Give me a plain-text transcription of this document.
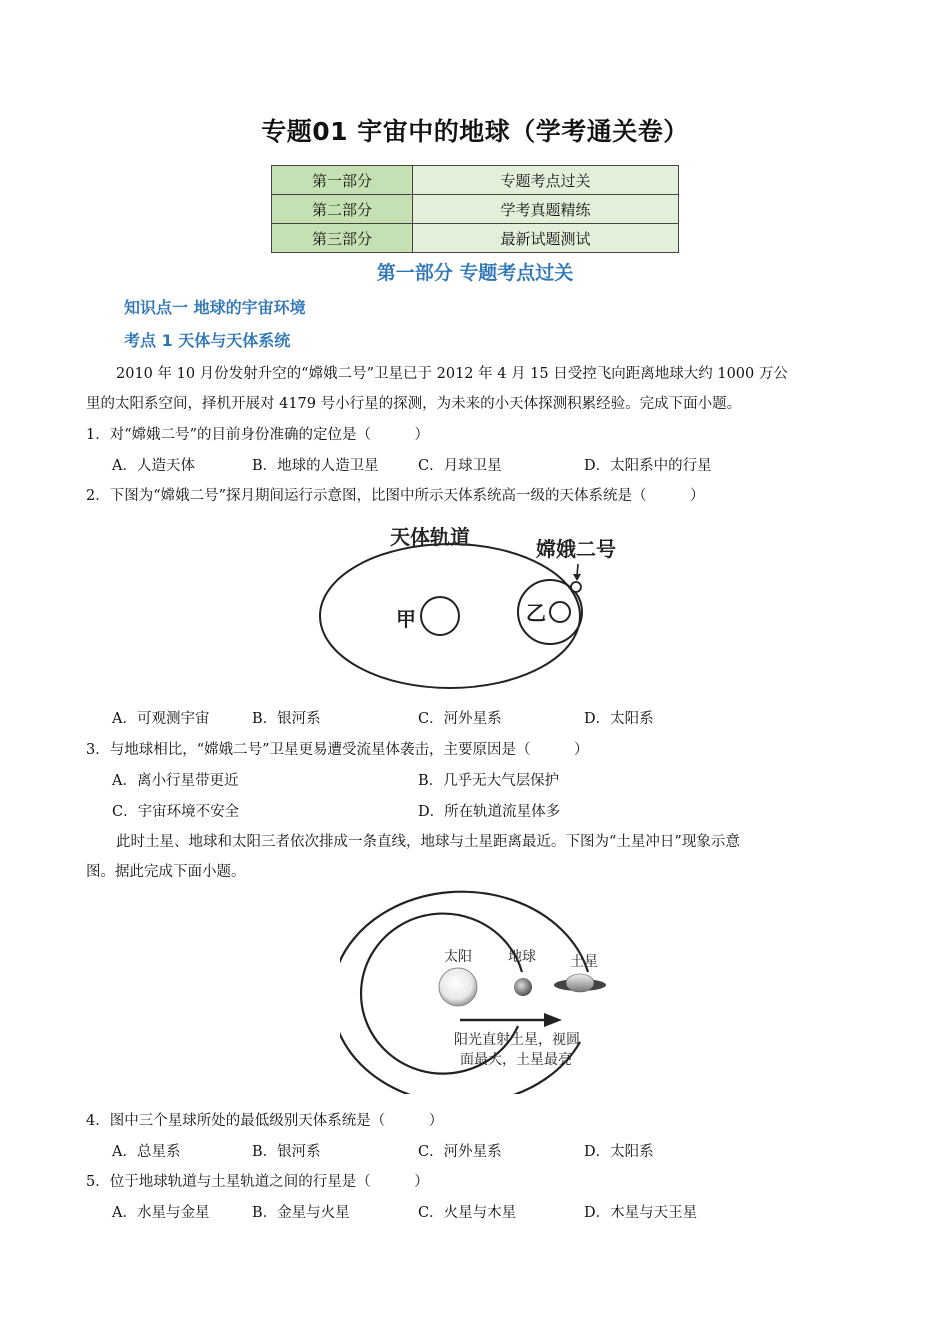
专题01 宇宙中的地球（学考通关卷）
第一部分	专题考点过关
第二部分	学考真题精练
第三部分	最新试题测试
第一部分 专题考点过关
知识点一 地球的宇宙环境
考点 1 天体与天体系统
2010 年 10 月份发射升空的“嫦娥二号”卫星已于 2012 年 4 月 15 日受控飞向距离地球大约 1000 万公
里的太阳系空间，择机开展对 4179 号小行星的探测，为未来的小天体探测积累经验。完成下面小题。
1．对“嫦娥二号”的目前身份准确的定位是（　　　）
A．人造天体	B．地球的人造卫星	C．月球卫星	D．太阳系中的行星
2．下图为“嫦娥二号”探月期间运行示意图，比图中所示天体系统高一级的天体系统是（　　　）
天体轨道	嫦娥二号
甲	乙
A．可观测宇宙	B．银河系	C．河外星系	D．太阳系
3．与地球相比，“嫦娥二号”卫星更易遭受流星体袭击，主要原因是（　　　）
A．离小行星带更近	B．几乎无大气层保护
C．宇宙环境不安全	D．所在轨道流星体多
此时土星、地球和太阳三者依次排成一条直线，地球与土星距离最近。下图为“土星冲日”现象示意
图。据此完成下面小题。
太阳	地球 土星
阳光直射土星，视圆
面最大，土星最亮
4．图中三个星球所处的最低级别天体系统是（　　　）
A．总星系	B．银河系	C．河外星系	D．太阳系
5．位于地球轨道与土星轨道之间的行星是（　　　）
A．水星与金星	B．金星与火星	C．火星与木星	D．木星与天王星
